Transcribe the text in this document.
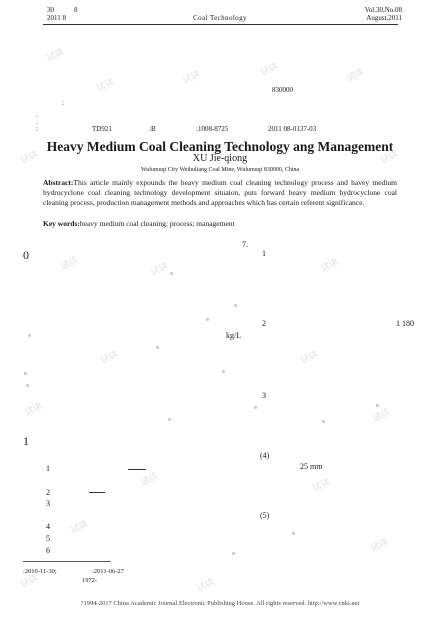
30	8
2011 8	Coal Technology
Vol.30,No.08
August,2011
830000
:
.
.
:	TD921	:B	:1008-8725	2011 08-0137-03
Heavy Medium Coal Cleaning Technology ang Management
XU Jie-qiong
Wulumuqi City Weihuliang Coal Mine, Wulumuqi 830000, China
Abstract:This article mainly expounds the heavy medium coal cleaning technology process and havey medium hydrocyclone coal cleaning technology development situaion, puts forward heavy medium hydrocyclone coal cleaning process, production management methods and approaches which has certain referent significance.
Key words:heavy medium coal cleaning; process; management
7.
0	1
2	1 180
kg/L
3
1
(4)
25 mm
(5)
1
2
3
4
5
6
:2010-11-30;	:2011-06-27
1972-
?1994-2017 China Academic Journal Electronic Publishing House. All rights reserved. http://www.cnki.net
试读
试读	试读	试读	试读
试读	试读
试读	试读	试读
试读	试读
试读	试读
试读	试读
试读
试读
试读	试读
